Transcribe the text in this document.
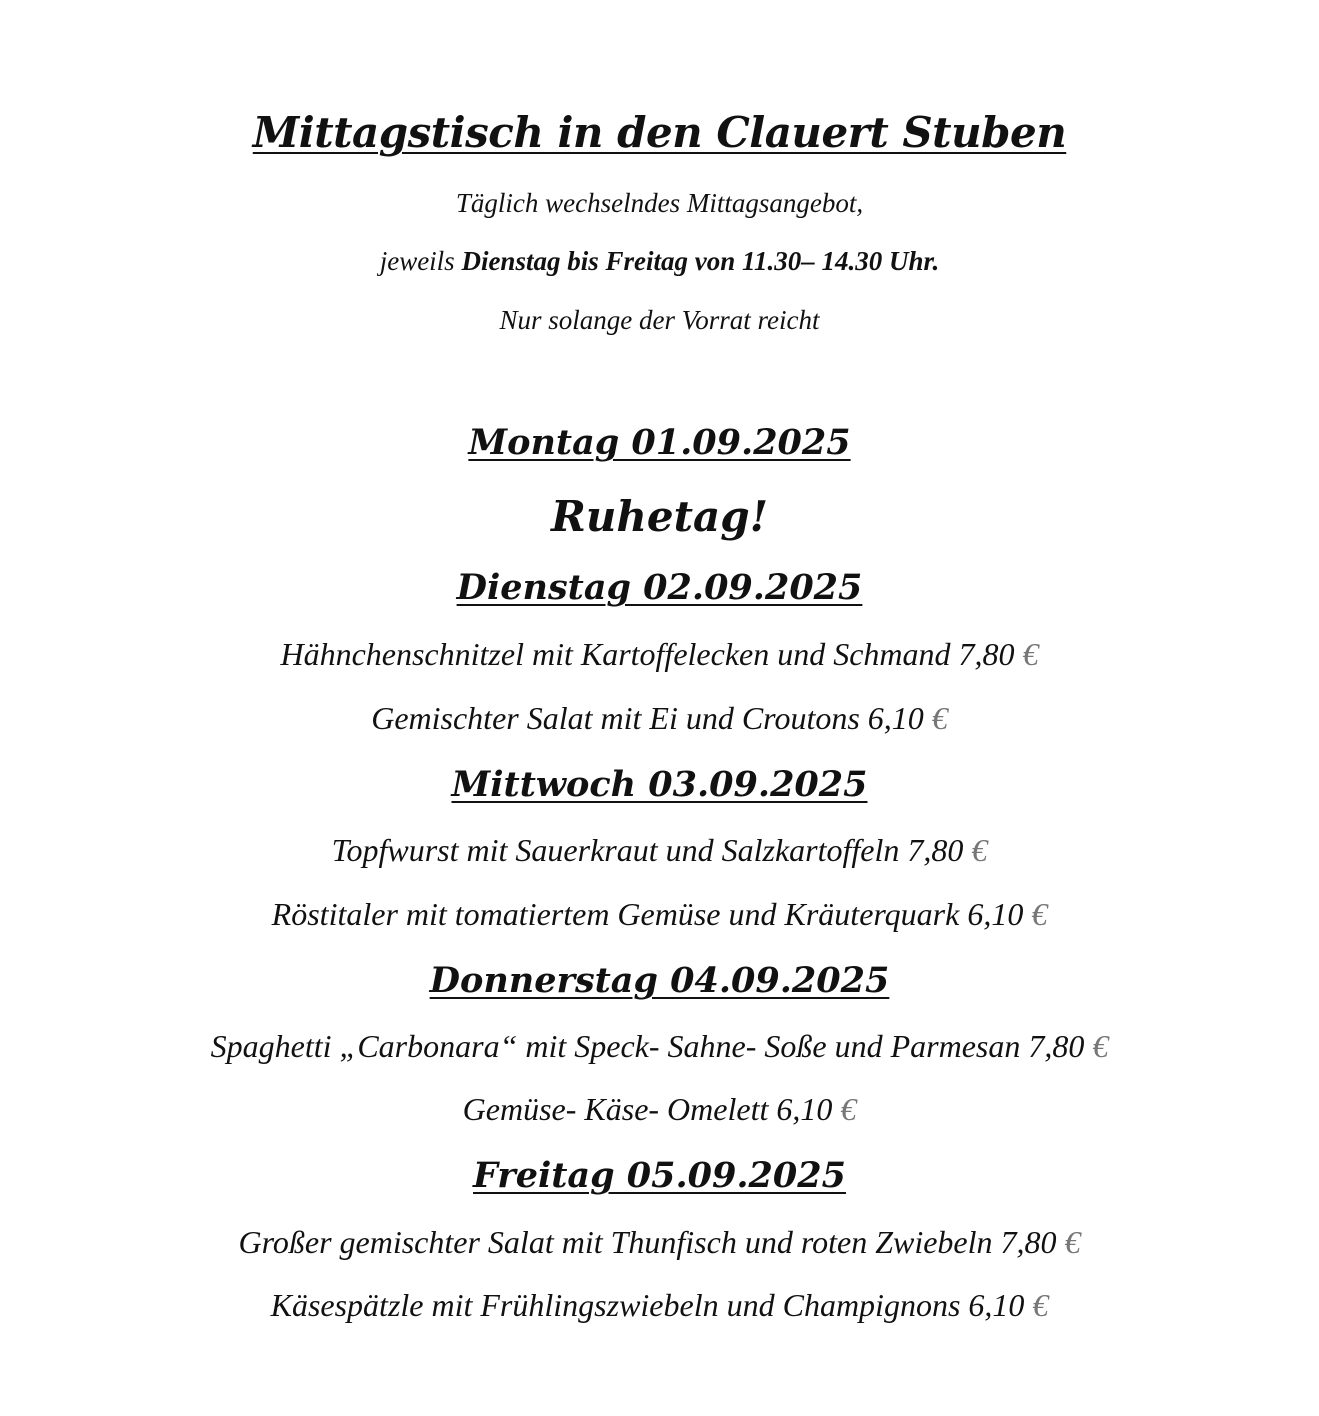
Mittagstisch in den Clauert Stuben
Täglich wechselndes Mittagsangebot,
jeweils Dienstag bis Freitag von 11.30– 14.30 Uhr.
Nur solange der Vorrat reicht
Montag 01.09.2025
Ruhetag!
Dienstag 02.09.2025
Hähnchenschnitzel mit Kartoffelecken und Schmand 7,80 €
Gemischter Salat mit Ei und Croutons 6,10 €
Mittwoch 03.09.2025
Topfwurst mit Sauerkraut und Salzkartoffeln 7,80 €
Röstitaler mit tomatiertem Gemüse und Kräuterquark 6,10 €
Donnerstag 04.09.2025
Spaghetti „Carbonara“ mit Speck- Sahne- Soße und Parmesan 7,80 €
Gemüse- Käse- Omelett 6,10 €
Freitag 05.09.2025
Großer gemischter Salat mit Thunfisch und roten Zwiebeln 7,80 €
Käsespätzle mit Frühlingszwiebeln und Champignons 6,10 €
